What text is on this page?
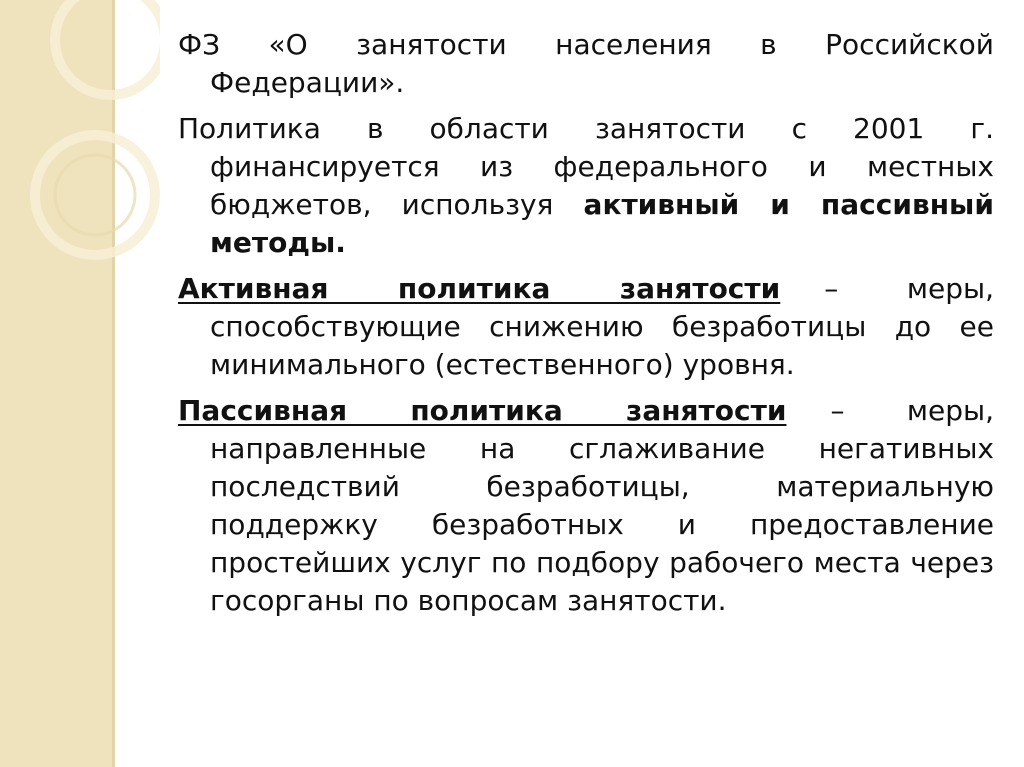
ФЗ «О занятости населения в Российской Федерации».

Политика в области занятости с 2001 г. финансируется из федерального и местных бюджетов, используя активный и пассивный методы.

Активная политика занятости – меры, способствующие снижению безработицы до ее минимального (естественного) уровня.

Пассивная политика занятости – меры, направленные на сглаживание негативных последствий безработицы, материальную поддержку безработных и предоставление простейших услуг по подбору рабочего места через госорганы по вопросам занятости.
